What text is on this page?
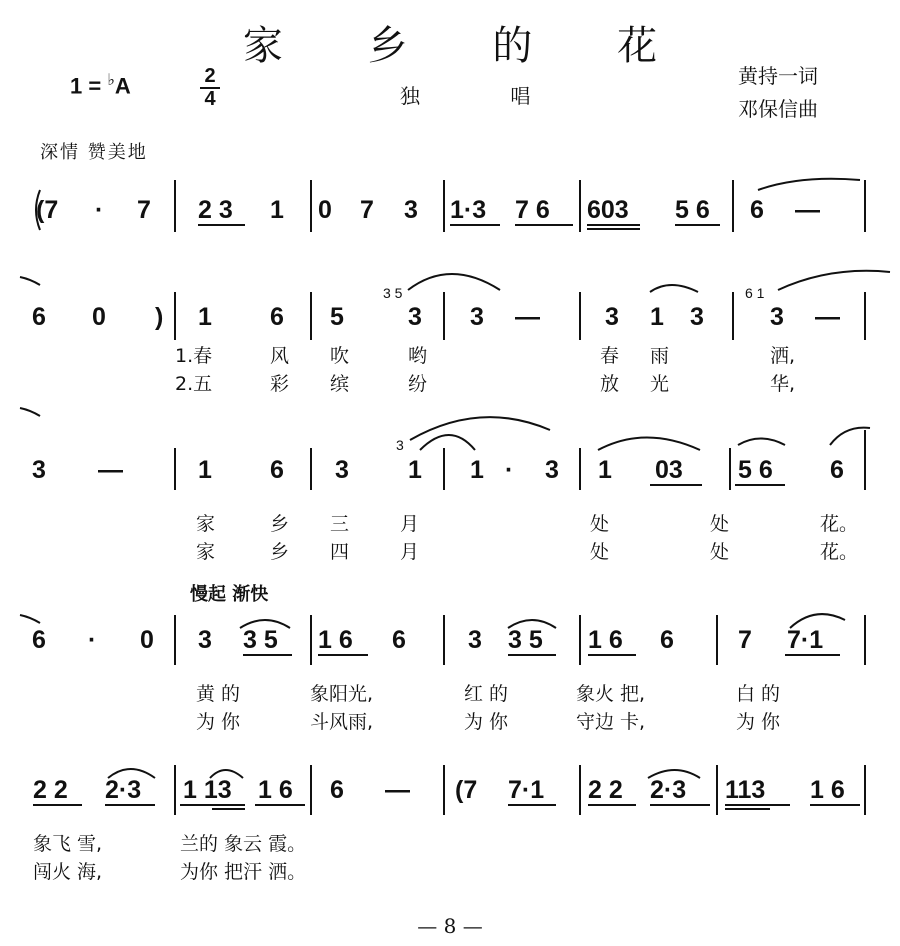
家 乡 的 花
1 = ♭A	2
4	独 唱
黄持一词
邓保信曲
深情 赞美地
慢起 渐快
(7 · 7 2 3 1 0 7 3 1·3 7 6 603 5 6 6 —
6 0 ) 1 6 5	3 3 —	3 1 3	3 —
3 5	6 1
1.春	风 吹	哟	春 雨	洒,
2.五	彩 缤	纷	放 光	华,
3 —	1 6 3 1 1 · 3 1 03 5 6 6
3
家	乡 三	月	处	处	花。
家	乡 四	月	处	处	花。
6 · 0 3 3 5 1 6 6 3 3 5 1 6 6	7 7·1
黄 的	象阳光,	红 的	象火 把,	白 的
为 你	斗风雨,	为 你	守边 卡,	为 你
2 2 2·3 1 13 1 6 6 — (7 7·1 2 2 2·3 113 1 6
象飞 雪,	兰的 象云 霞。
闯火 海,	为你 把汗 洒。
— 8 —
